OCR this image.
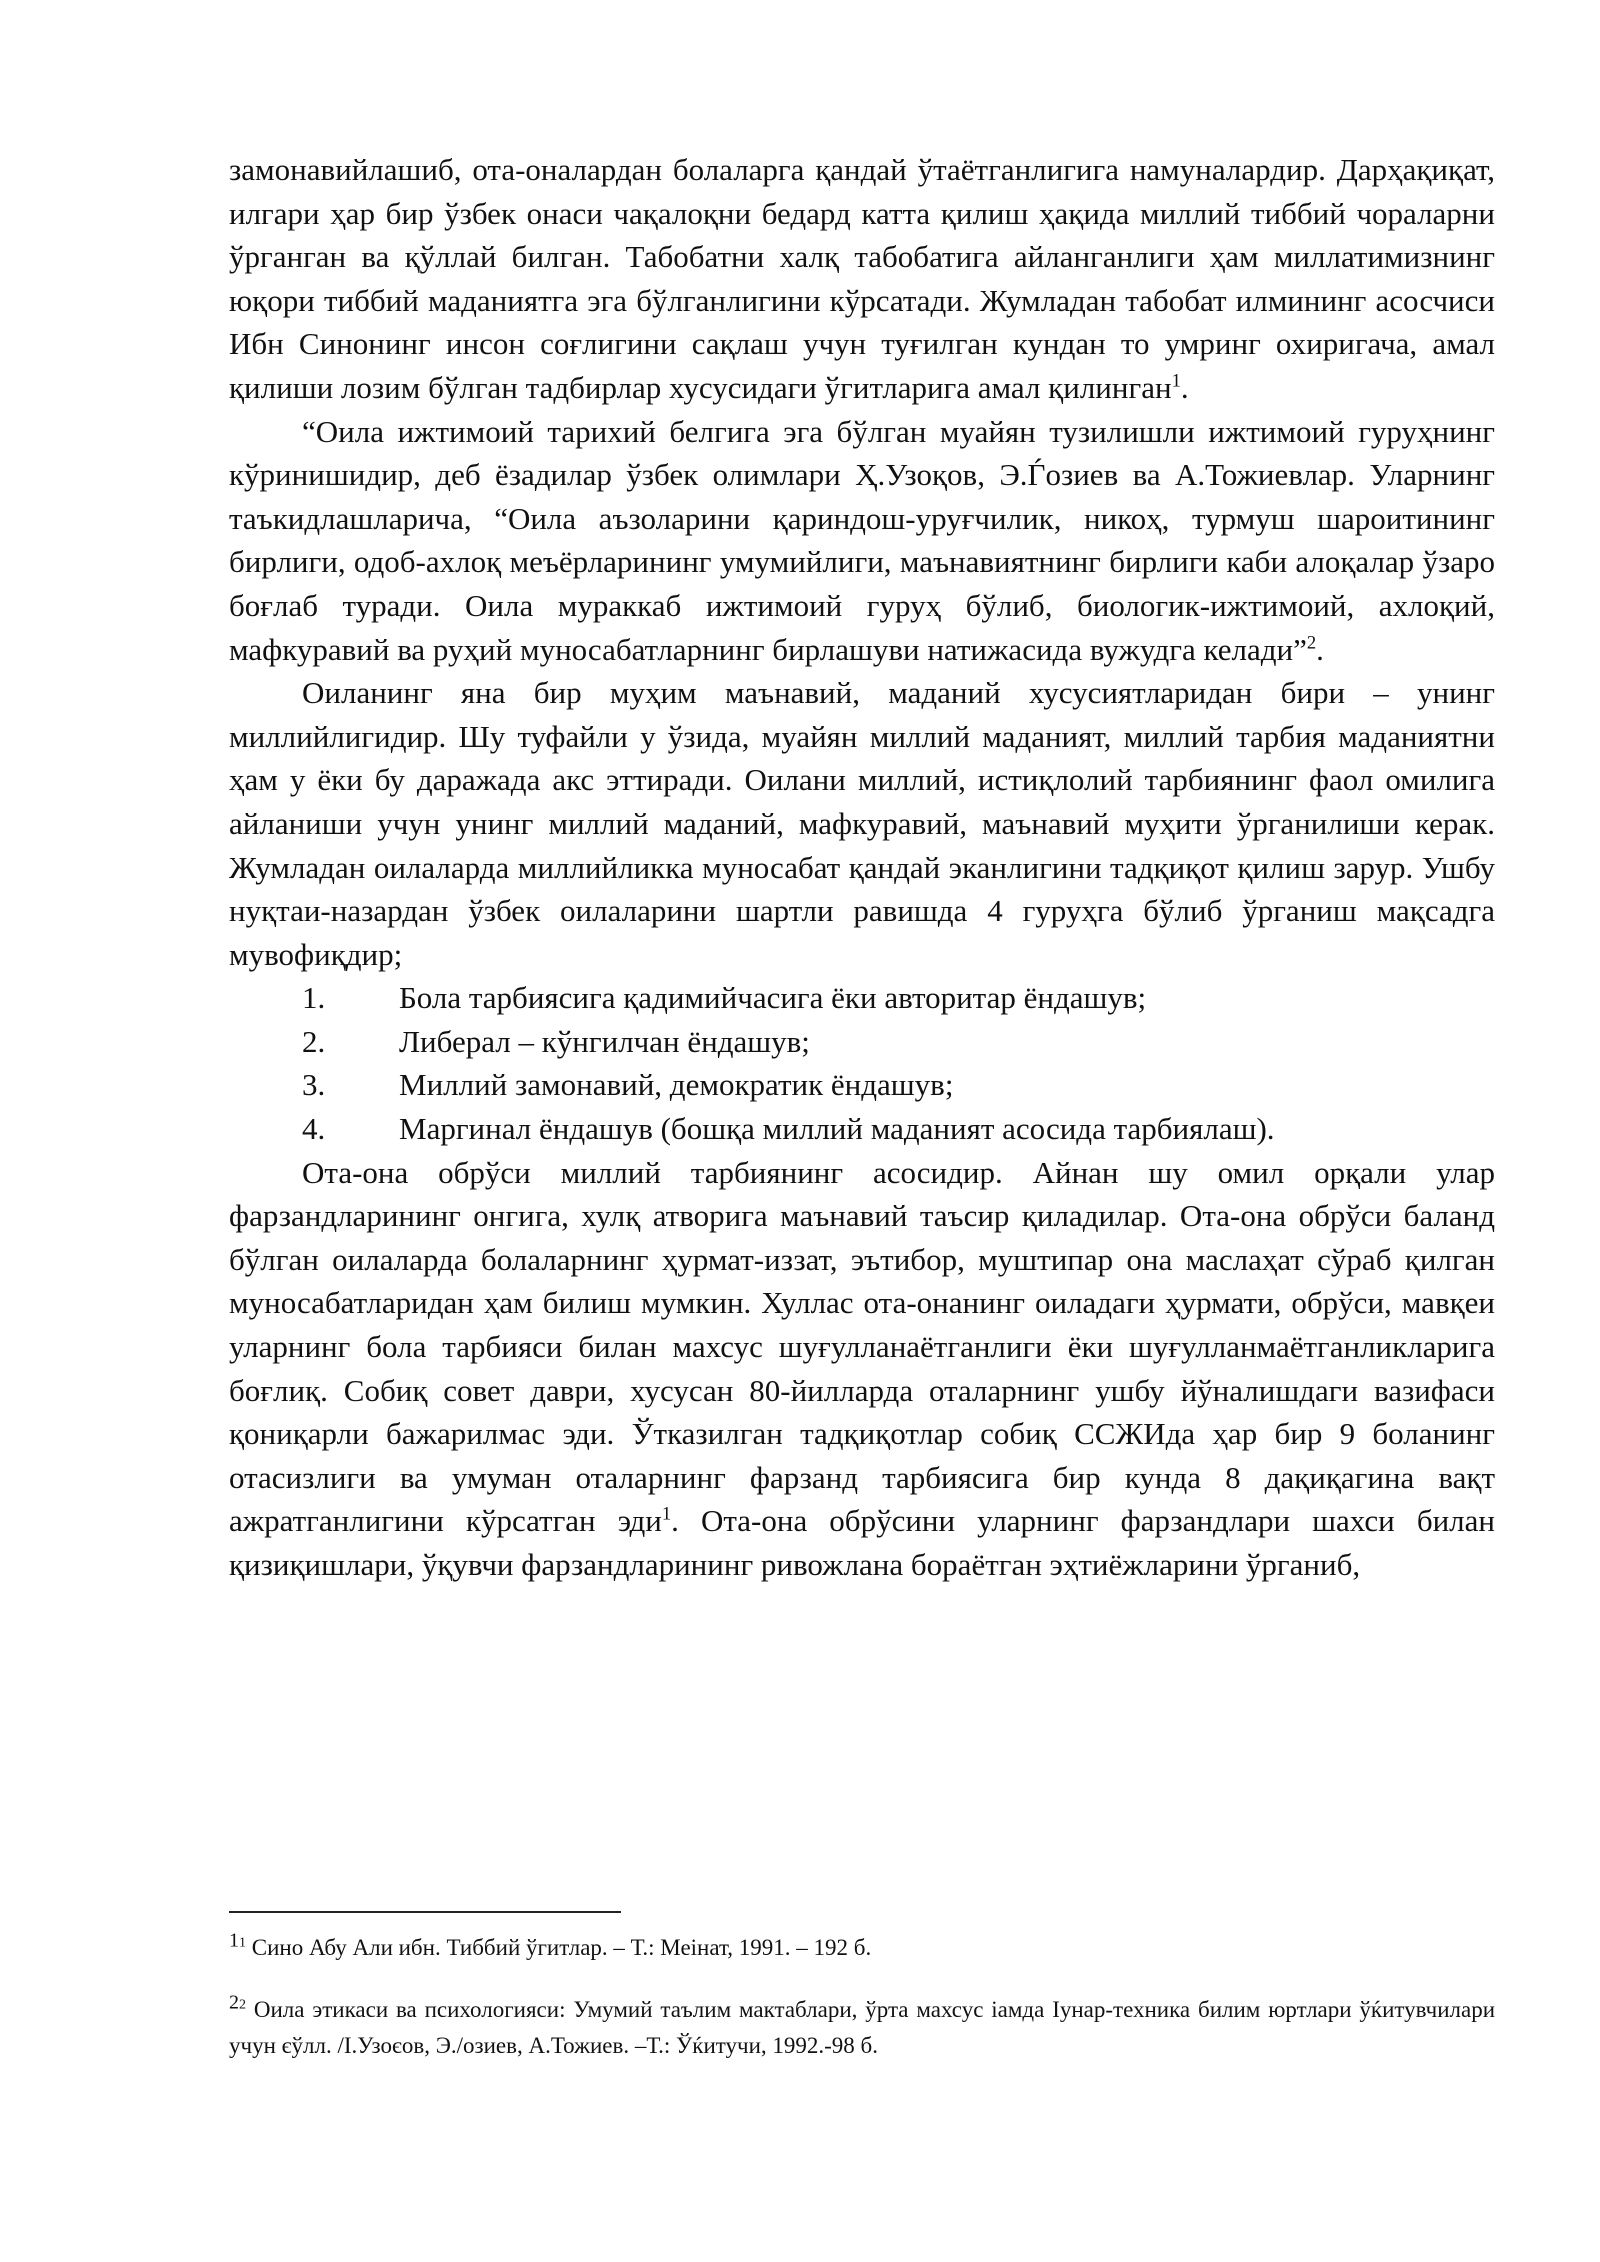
замонавийлашиб, ота-оналардан болаларга қандай ўтаётганлигига намуналардир. Дарҳақиқат, илгари ҳар бир ўзбек онаси чақалоқни бедард катта қилиш ҳақида миллий тиббий чораларни ўрганган ва қўллай билган. Табобатни халқ табобатига айланганлиги ҳам миллатимизнинг юқори тиббий маданиятга эга бўлганлигини кўрсатади. Жумладан табобат илмининг асосчиси Ибн Синонинг инсон соғлигини сақлаш учун туғилган кундан то умринг охиригача, амал қилиши лозим бўлган тадбирлар хусусидаги ўгитларига амал қилинган$^1$.

“Оила ижтимоий тарихий белгига эга бўлган муайян тузилишли ижтимоий гуруҳнинг кўринишидир, деб ёзадилар ўзбек олимлари Ҳ.Узоқов, Э.Ѓозиев ва А.Тожиевлар. Уларнинг таъкидлашларича, “Оила аъзоларини қариндош-уруғчилик, никоҳ, турмуш шароитининг бирлиги, одоб-ахлоқ меъёрларининг умумийлиги, маънавиятнинг бирлиги каби алоқалар ўзаро боғлаб туради. Оила мураккаб ижтимоий гуруҳ бўлиб, биологик-ижтимоий, ахлоқий, мафкуравий ва руҳий муносабатларнинг бирлашуви натижасида вужудга келади”$^2$.

Оиланинг яна бир муҳим маънавий, маданий хусусиятларидан бири – унинг миллийлигидир. Шу туфайли у ўзида, муайян миллий маданият, миллий тарбия маданиятни ҳам у ёки бу даражада акс эттиради. Оилани миллий, истиқлолий тарбиянинг фаол омилига айланиши учун унинг миллий маданий, мафкуравий, маънавий муҳити ўрганилиши керак. Жумладан оилаларда миллийликка муносабат қандай эканлигини тадқиқот қилиш зарур. Ушбу нуқтаи-назардан ўзбек оилаларини шартли равишда 4 гуруҳга бўлиб ўрганиш мақсадга мувофиқдир;

1. Бола тарбиясига қадимийчасига ёки авторитар ёндашув;
2. Либерал – кўнгилчан ёндашув;
3. Миллий замонавий, демократик ёндашув;
4. Маргинал ёндашув (бошқа миллий маданият асосида тарбиялаш).

Ота-она обрўси миллий тарбиянинг асосидир. Айнан шу омил орқали улар фарзандларининг онгига, хулқ атворига маънавий таъсир қиладилар. Ота-она обрўси баланд бўлган оилаларда болаларнинг ҳурмат-иззат, эътибор, муштипар она маслаҳат сўраб қилган муносабатларидан ҳам билиш мумкин. Хуллас ота-онанинг оиладаги ҳурмати, обрўси, мавқеи уларнинг бола тарбияси билан махсус шуғулланаётганлиги ёки шуғулланмаётганликларига боғлиқ. Собиқ совет даври, хусусан 80-йилларда оталарнинг ушбу йўналишдаги вазифаси қониқарли бажарилмас эди. Ўтказилган тадқиқотлар собиқ ССЖИда ҳар бир 9 боланинг отасизлиги ва умуман оталарнинг фарзанд тарбиясига бир кунда 8 дақиқагина вақт ажратганлигини кўрсатган эди$^1$. Ота-она обрўсини уларнинг фарзандлари шахси билан қизиқишлари, ўқувчи фарзандларининг ривожлана бораётган эҳтиёжларини ўрганиб,

1$^1$ Сино Абу Али ибн. Тиббий ўгитлар. – Т.: Меiнат, 1991. – 192 б.

2$^2$ Оила этикаси ва психологияси: Умумий таълим мактаблари, ўрта махсус iамда Iунар-техника билим юртлари ўќитувчилари учун єўлл. /I.Узоєов, Э./озиев, А.Тожиев. –Т.: Ўќитучи, 1992.-98 б.
